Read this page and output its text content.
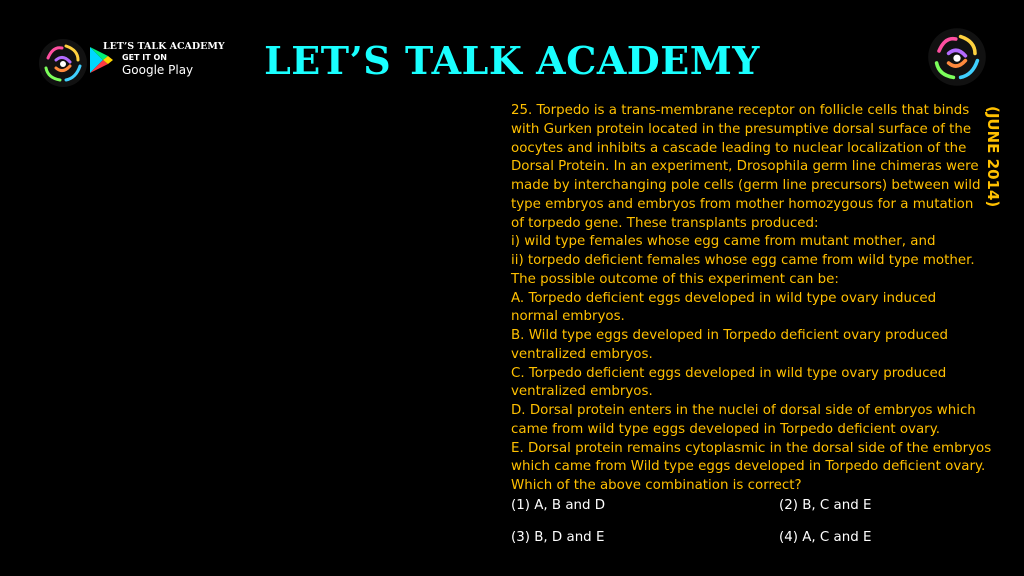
LET’S TALK ACADEMY
GET IT ON
Google Play	LET’S TALK ACADEMY
25. Torpedo is a trans-membrane receptor on follicle cells that binds
with Gurken protein located in the presumptive dorsal surface of the
oocytes and inhibits a cascade leading to nuclear localization of the
Dorsal Protein. In an experiment, Drosophila germ line chimeras were
made by interchanging pole cells (germ line precursors) between wild
type embryos and embryos from mother homozygous for a mutation
of torpedo gene. These transplants produced:
i) wild type females whose egg came from mutant mother, and
ii) torpedo deficient females whose egg came from wild type mother.
The possible outcome of this experiment can be:
A. Torpedo deficient eggs developed in wild type ovary induced
normal embryos.
B. Wild type eggs developed in Torpedo deficient ovary produced
ventralized embryos.
C. Torpedo deficient eggs developed in wild type ovary produced
ventralized embryos.
D. Dorsal protein enters in the nuclei of dorsal side of embryos which
came from wild type eggs developed in Torpedo deficient ovary.
E. Dorsal protein remains cytoplasmic in the dorsal side of the embryos
which came from Wild type eggs developed in Torpedo deficient ovary.
Which of the above combination is correct?
(JUNE 2014)
(1) A, B and D	(2) B, C and E
(3) B, D and E	(4) A, C and E
